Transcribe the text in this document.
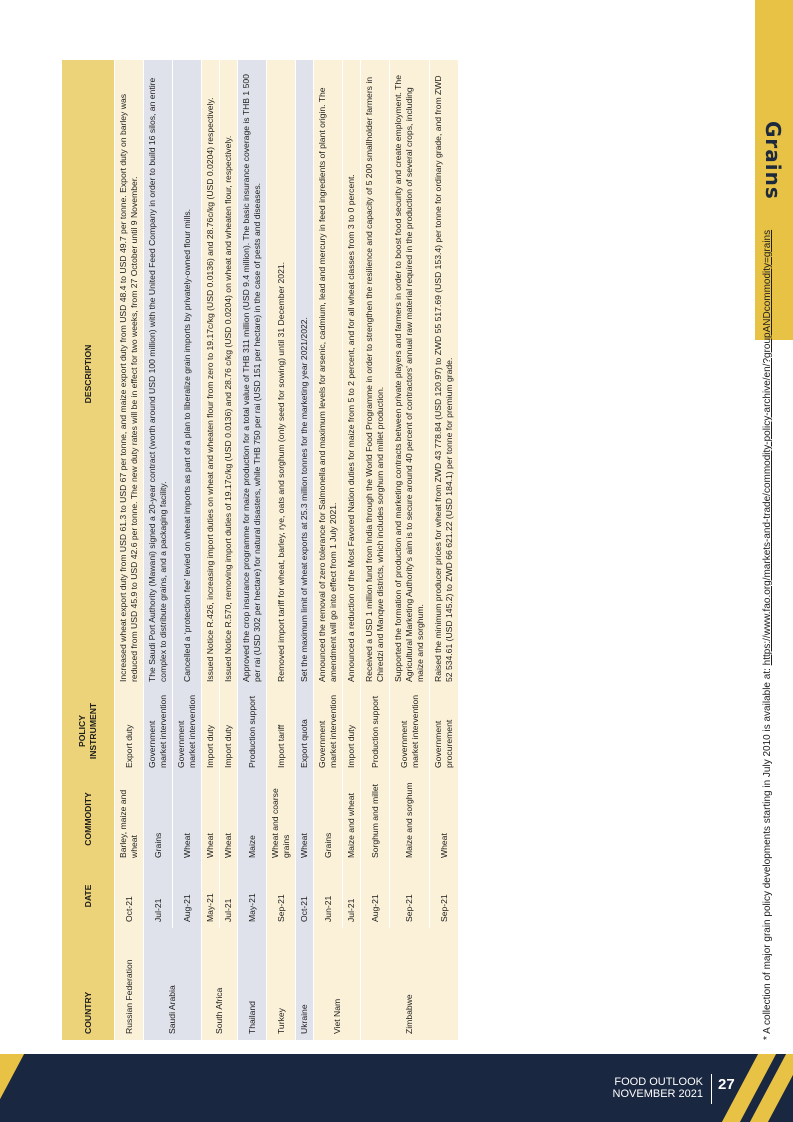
Grains
COUNTRY	DATE	COMMODITY	POLICY INSTRUMENT	DESCRIPTION
Russian Federation	Oct-21	Barley, maize and wheat	Export duty	Increased wheat export duty from USD 61.3 to USD 67 per tonne, and maize export duty from USD 48.4 to USD 49.7 per tonne. Export duty on barley was reduced from USD 45.9 to USD 42.6 per tonne. The new duty rates will be in effect for two weeks, from 27 October until 9 November.
Saudi Arabia	Jul-21	Grains	Government market intervention	The Saudi Port Authority (Mawani) signed a 20-year contract (worth around USD 100 million) with the United Feed Company in order to build 16 silos, an entire complex to distribute grains, and a packaging facility.
	Aug-21	Wheat	Government market intervention	Cancelled a ‘protection fee’ levied on wheat imports as part of a plan to liberalize grain imports by privately-owned flour mills.
South Africa	May-21	Wheat	Import duty	Issued Notice R.426, increasing import duties on wheat and wheaten flour from zero to 19.17c/kg (USD 0.0136) and 28.76c/kg (USD 0.0204) respectively.
	Jul-21	Wheat	Import duty	Issued Notice R.570, removing import duties of 19.17c/kg (USD 0.0136) and 28.76 c/kg (USD 0.0204) on wheat and wheaten flour, respectively.
Thailand	May-21	Maize	Production support	Approved the crop insurance programme for maize production for a total value of THB 311 million (USD 9.4 million). The basic insurance coverage is THB 1 500 per rai (USD 302 per hectare) for natural disasters, while THB 750 per rai (USD 151 per hectare) in the case of pests and diseases.
Turkey	Sep-21	Wheat and coarse grains	Import tariff	Removed import tariff for wheat, barley, rye, oats and sorghum (only seed for sowing) until 31 December 2021.
Ukraine	Oct-21	Wheat	Export quota	Set the maximum limit of wheat exports at 25.3 million tonnes for the marketing year 2021/2022.
Viet Nam	Jun-21	Grains	Government market intervention	Announced the removal of zero tolerance for Salmonella and maximum levels for arsenic, cadmium, lead and mercury in feed ingredients of plant origin. The amendment will go into effect from 1 July 2021.
	Jul-21	Maize and wheat	Import duty	Announced a reduction of the Most Favored Nation duties for maize from 5 to 2 percent, and for all wheat classes from 3 to 0 percent.
Zimbabwe	Aug-21	Sorghum and millet	Production support	Received a USD 1 million fund from India through the World Food Programme in order to strengthen the resilience and capacity of 5 200 smallholder farmers in Chiredzi and Manqwe districts, which includes sorghum and millet production.
	Sep-21	Maize and sorghum	Government market intervention	Supported the formation of production and marketing contracts between private players and farmers in order to boost food security and create employment. The Agricultural Marketing Authority’s aim is to secure around 40 percent of contractors’ annual raw material required in the production of several crops, including maize and sorghum.
	Sep-21	Wheat	Government procurement	Raised the minimum producer prices for wheat from ZWD 43 778.84 (USD 120.97) to ZWD 55 517.69 (USD 153.4) per tonne for ordinary grade, and from ZWD 52 534.61 (USD 145.2) to ZWD 66 621.22 (USD 184.1) per tonne for premium grade.
* A collection of major grain policy developments starting in July 2010 is available at: https://www.fao.org/markets-and-trade/commodity-policy-archive/en/?groupANDcommodity=grains
FOOD OUTLOOK
NOVEMBER 2021
27
